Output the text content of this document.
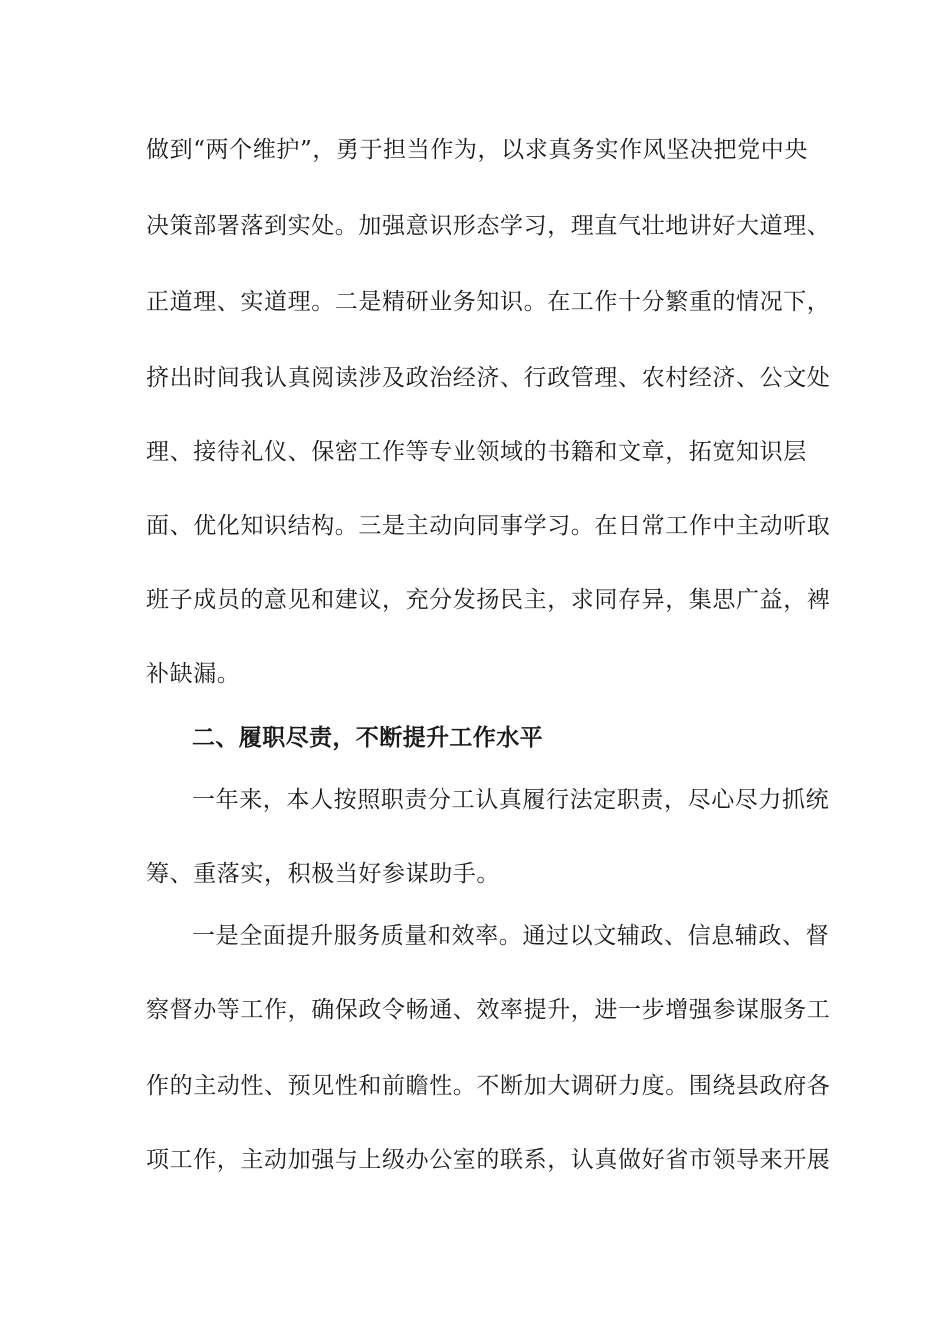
做到“两个维护”，勇于担当作为，以求真务实作风坚决把党中央
决策部署落到实处。加强意识形态学习，理直气壮地讲好大道理、
正道理、实道理。二是精研业务知识。在工作十分繁重的情况下，
挤出时间我认真阅读涉及政治经济、行政管理、农村经济、公文处
理、接待礼仪、保密工作等专业领域的书籍和文章，拓宽知识层
面、优化知识结构。三是主动向同事学习。在日常工作中主动听取
班子成员的意见和建议，充分发扬民主，求同存异，集思广益，裨
补缺漏。
二、履职尽责，不断提升工作水平
一年来，本人按照职责分工认真履行法定职责，尽心尽力抓统
筹、重落实，积极当好参谋助手。
一是全面提升服务质量和效率。通过以文辅政、信息辅政、督
察督办等工作，确保政令畅通、效率提升，进一步增强参谋服务工
作的主动性、预见性和前瞻性。不断加大调研力度。围绕县政府各
项工作，主动加强与上级办公室的联系，认真做好省市领导来开展
